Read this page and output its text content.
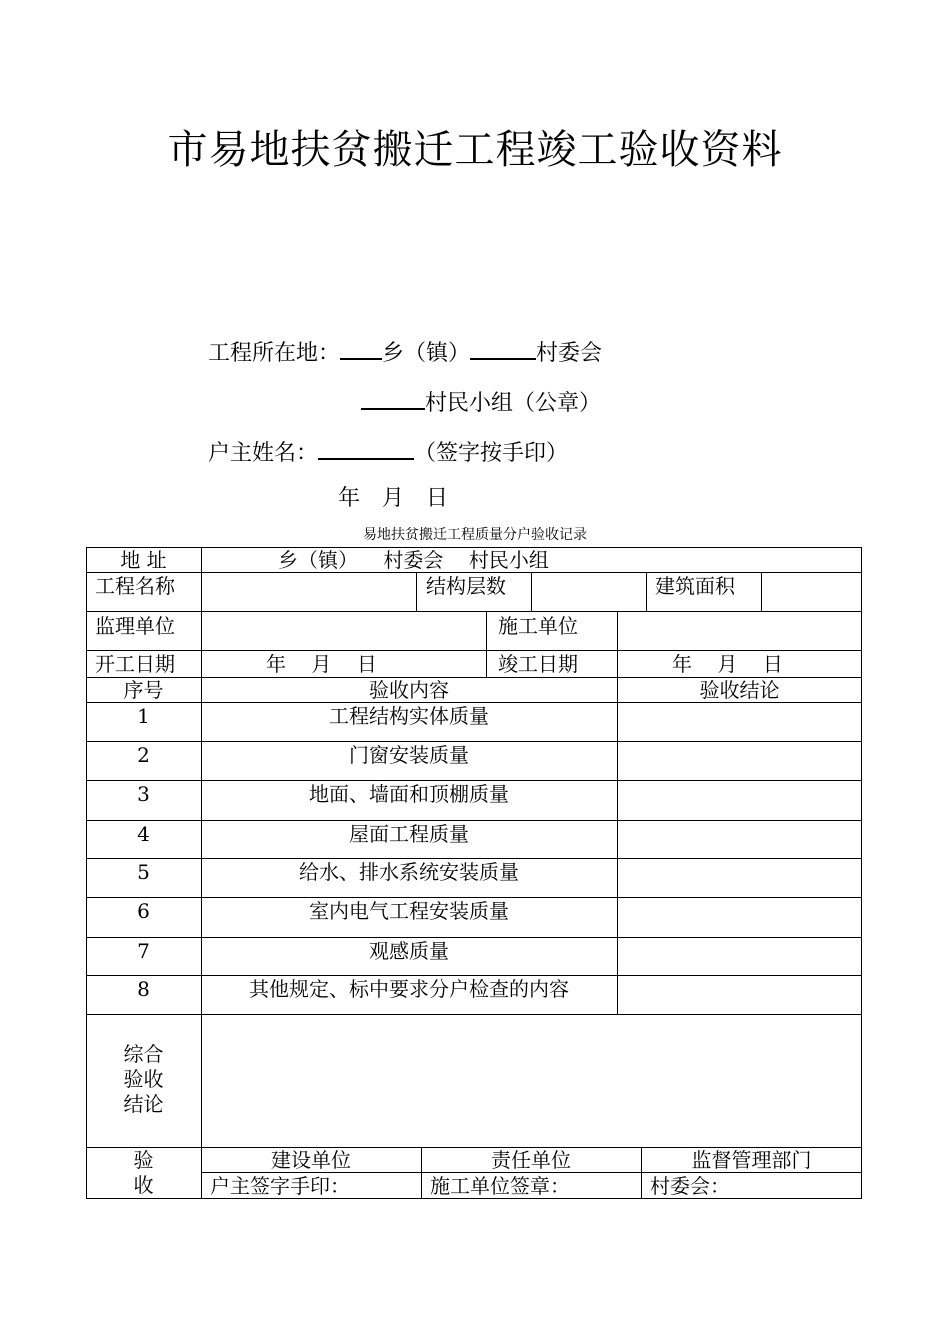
市易地扶贫搬迁工程竣工验收资料
工程所在地： 乡（镇）	村委会
村民小组（公章）
户主姓名：	（签字按手印）
年 月 日
易地扶贫搬迁工程质量分户验收记录
地 址	乡（镇）    村委会    村民小组
工程名称	结构层数	建筑面积
监理单位	施工单位
开工日期	年    月    日	竣工日期	年    月    日
序号	验收内容	验收结论
1	工程结构实体质量
2	门窗安装质量
3	地面、墙面和顶棚质量
4	屋面工程质量
5	给水、排水系统安装质量
6	室内电气工程安装质量
7	观感质量
8	其他规定、标中要求分户检查的内容
综合
验收
结论
验
收
建设单位	责任单位	监督管理部门
户主签字手印：	施工单位签章：	村委会：
